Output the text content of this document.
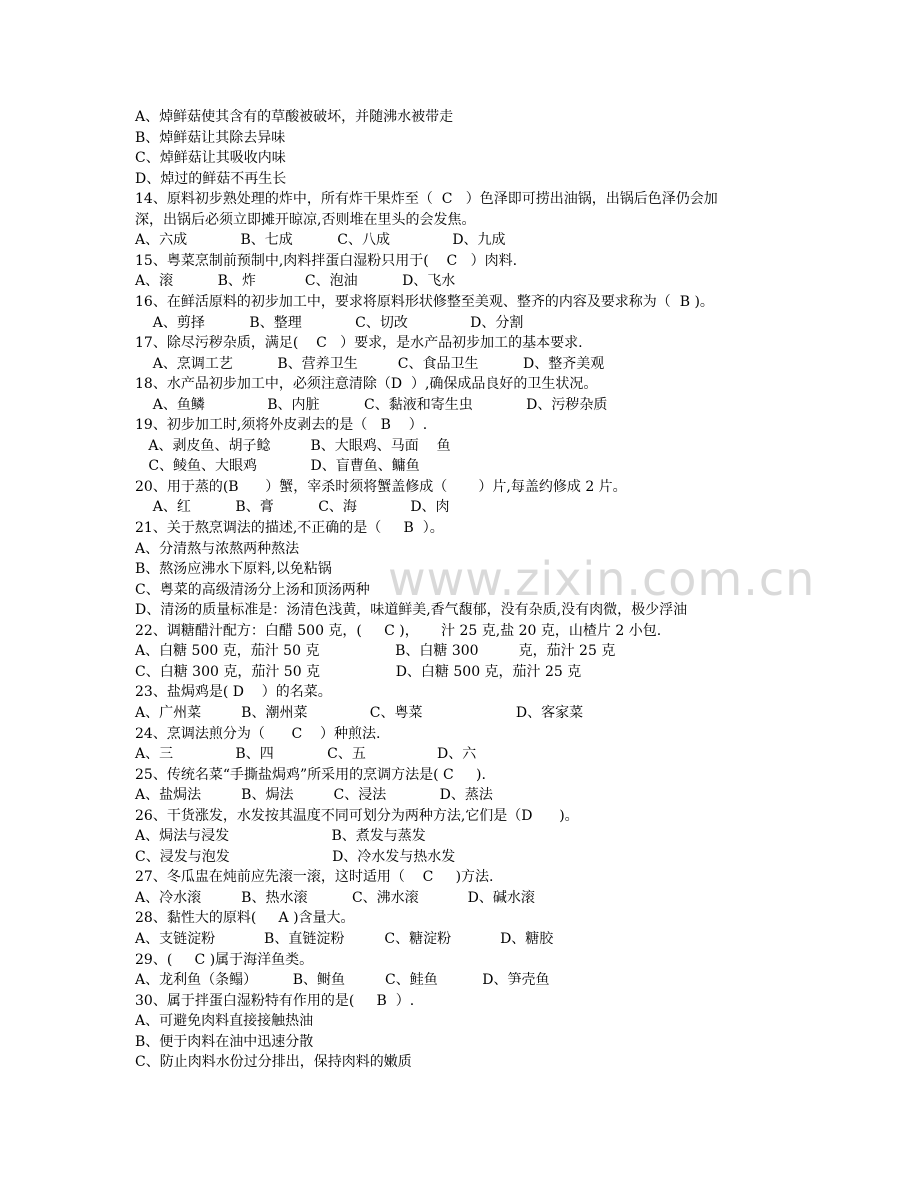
www.zixin.com.cn
A、焯鲜菇使其含有的草酸被破坏，并随沸水被带走
B、焯鲜菇让其除去异味
C、焯鲜菇让其吸收内味
D、焯过的鲜菇不再生长
14、原料初步熟处理的炸中，所有炸干果炸至（  C   ）色泽即可捞出油锅，出锅后色泽仍会加
深，出锅后必须立即摊开晾凉,否则堆在里头的会发焦。
A、六成            B、七成          C、八成              D、九成
15、粤菜烹制前预制中,肉料拌蛋白湿粉只用于(    C   ）肉料.
A、滚          B、炸           C、泡油          D、飞水
16、在鲜活原料的初步加工中，要求将原料形状修整至美观、整齐的内容及要求称为（  B )。
A、剪择          B、整理            C、切改              D、分割
17、除尽污秽杂质，满足(    C   ）要求，是水产品初步加工的基本要求.
A、烹调工艺          B、营养卫生         C、食品卫生          D、整齐美观
18、水产品初步加工中，必须注意清除（D  ）,确保成品良好的卫生状况。
A、鱼鳞              B、内脏          C、黏液和寄生虫            D、污秽杂质
19、初步加工时,须将外皮剥去的是（   B    ）.
A、剥皮鱼、胡子鲶         B、大眼鸡、马面    鱼
C、鲮鱼、大眼鸡            D、盲曹鱼、鳙鱼
20、用于蒸的(B      ）蟹，宰杀时须将蟹盖修成（       ）片,每盖约修成 2 片。
A、红          B、膏          C、海            D、肉
21、关于熬烹调法的描述,不正确的是（     B  ）。
A、分清熬与浓熬两种熬法
B、熬汤应沸水下原料,以免粘锅
C、粤菜的高级清汤分上汤和顶汤两种
D、清汤的质量标准是：汤清色浅黄，味道鲜美,香气馥郁，没有杂质,没有肉微，极少浮油
22、调糖醋汁配方：白醋 500 克，(     C )，     汁 25 克,盐 20 克，山楂片 2 小包.
A、白糖 500 克，茄汁 50 克                 B、白糖 300         克，茄汁 25 克
C、白糖 300 克，茄汁 50 克                 D、白糖 500 克，茄汁 25 克
23、盐焗鸡是( D    ）的名菜。
A、广州菜         B、潮州菜              C、粤菜                     D、客家菜
24、烹调法煎分为（      C    ）种煎法.
A、三              B、四            C、五                D、六
25、传统名菜“手撕盐焗鸡”所采用的烹调方法是( C     ).
A、盐焗法         B、焗法         C、浸法            D、蒸法
26、干货涨发，水发按其温度不同可划分为两种方法,它们是（D      )。
A、焗法与浸发                       B、煮发与蒸发
C、浸发与泡发                       D、冷水发与热水发
27、冬瓜盅在炖前应先滚一滚，这时适用（    C     )方法.
A、冷水滚         B、热水滚          C、沸水滚           D、碱水滚
28、黏性大的原料(     A )含量大。
A、支链淀粉           B、直链淀粉         C、糖淀粉           D、糖胶
29、(     C )属于海洋鱼类。
A、龙利鱼（条鳎）        B、鲥鱼         C、鲑鱼          D、笋壳鱼
30、属于拌蛋白湿粉特有作用的是(     B  ）.
A、可避免肉料直接接触热油
B、便于肉料在油中迅速分散
C、防止肉料水份过分排出，保持肉料的嫩质
